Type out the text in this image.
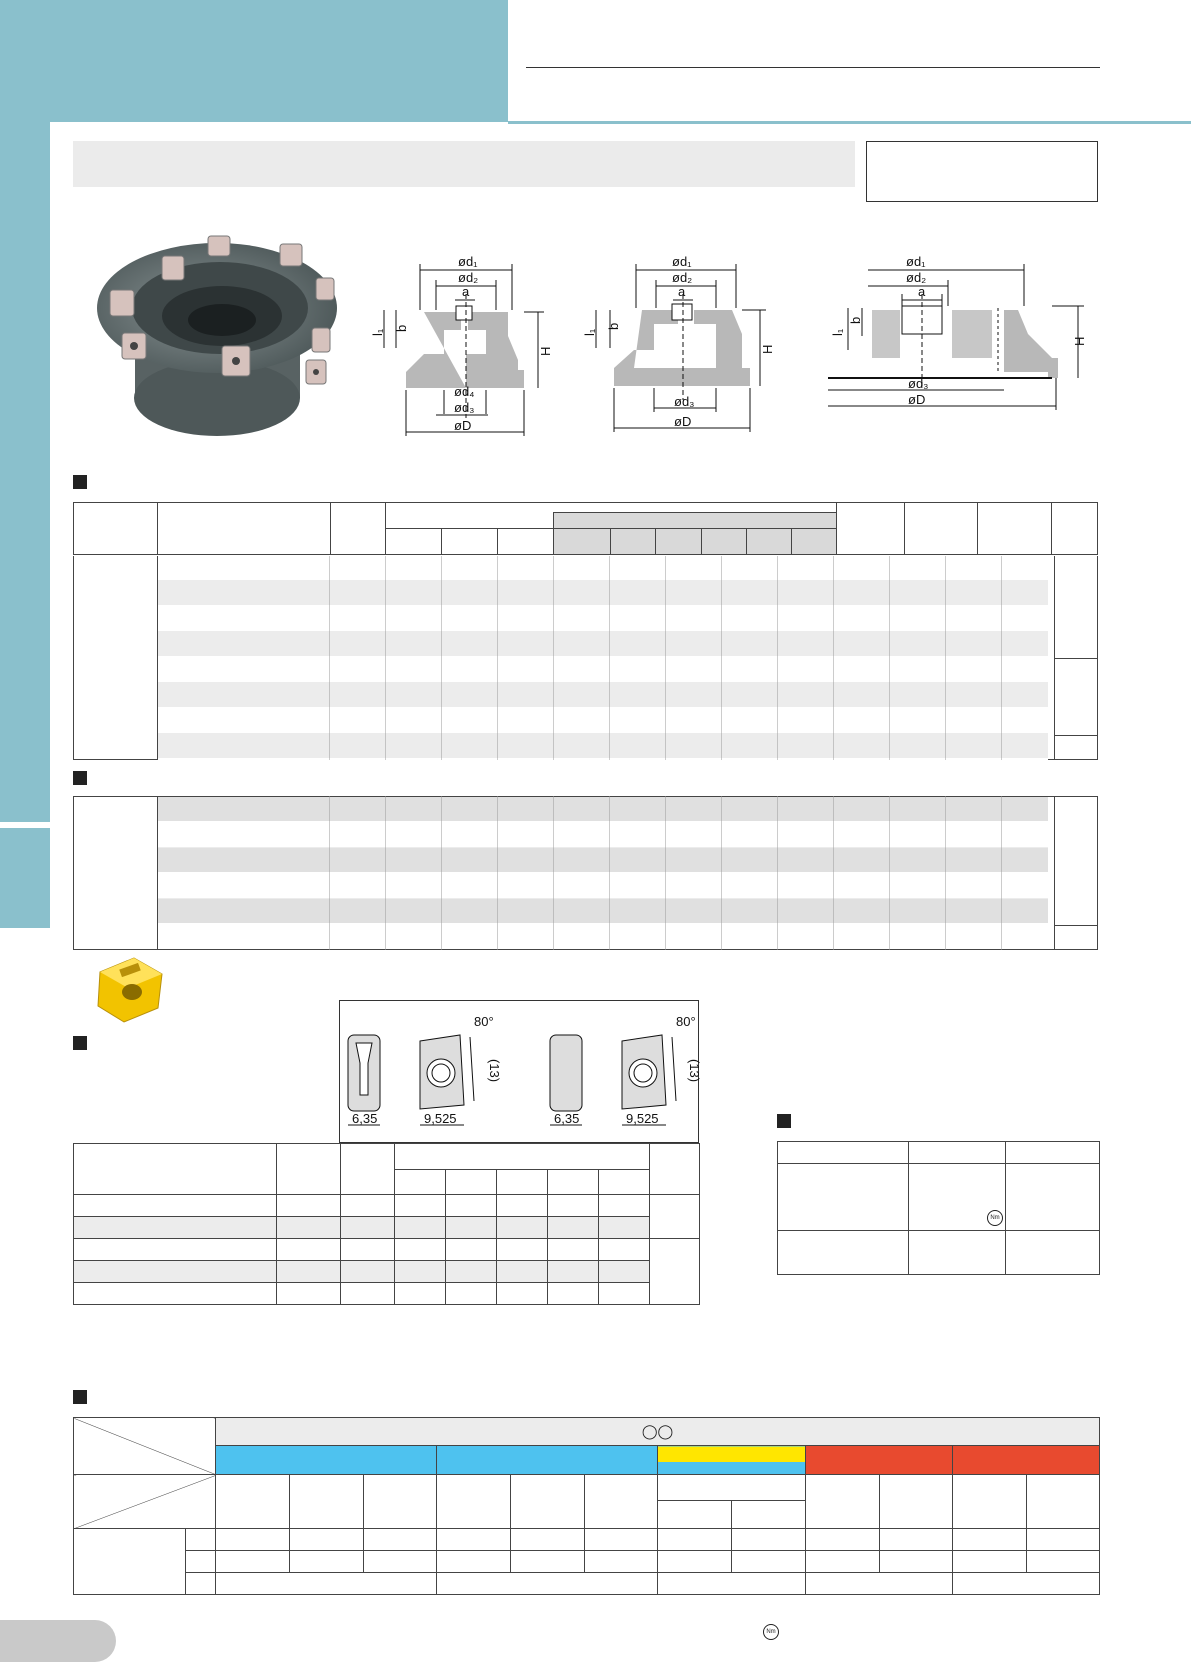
ød₁
ød₂
a
b
l₁
H
ød₄
ød₃
øD
ød₁
ød₂
a
b
l₁
H
ød₃
øD
ød₁
ød₂
a
b
l₁
H
ød₃
øD

6,35	9,525
80°
(13)
6,35	9,525
80°
(13)

	Nm	

		◯◯											

Nm
